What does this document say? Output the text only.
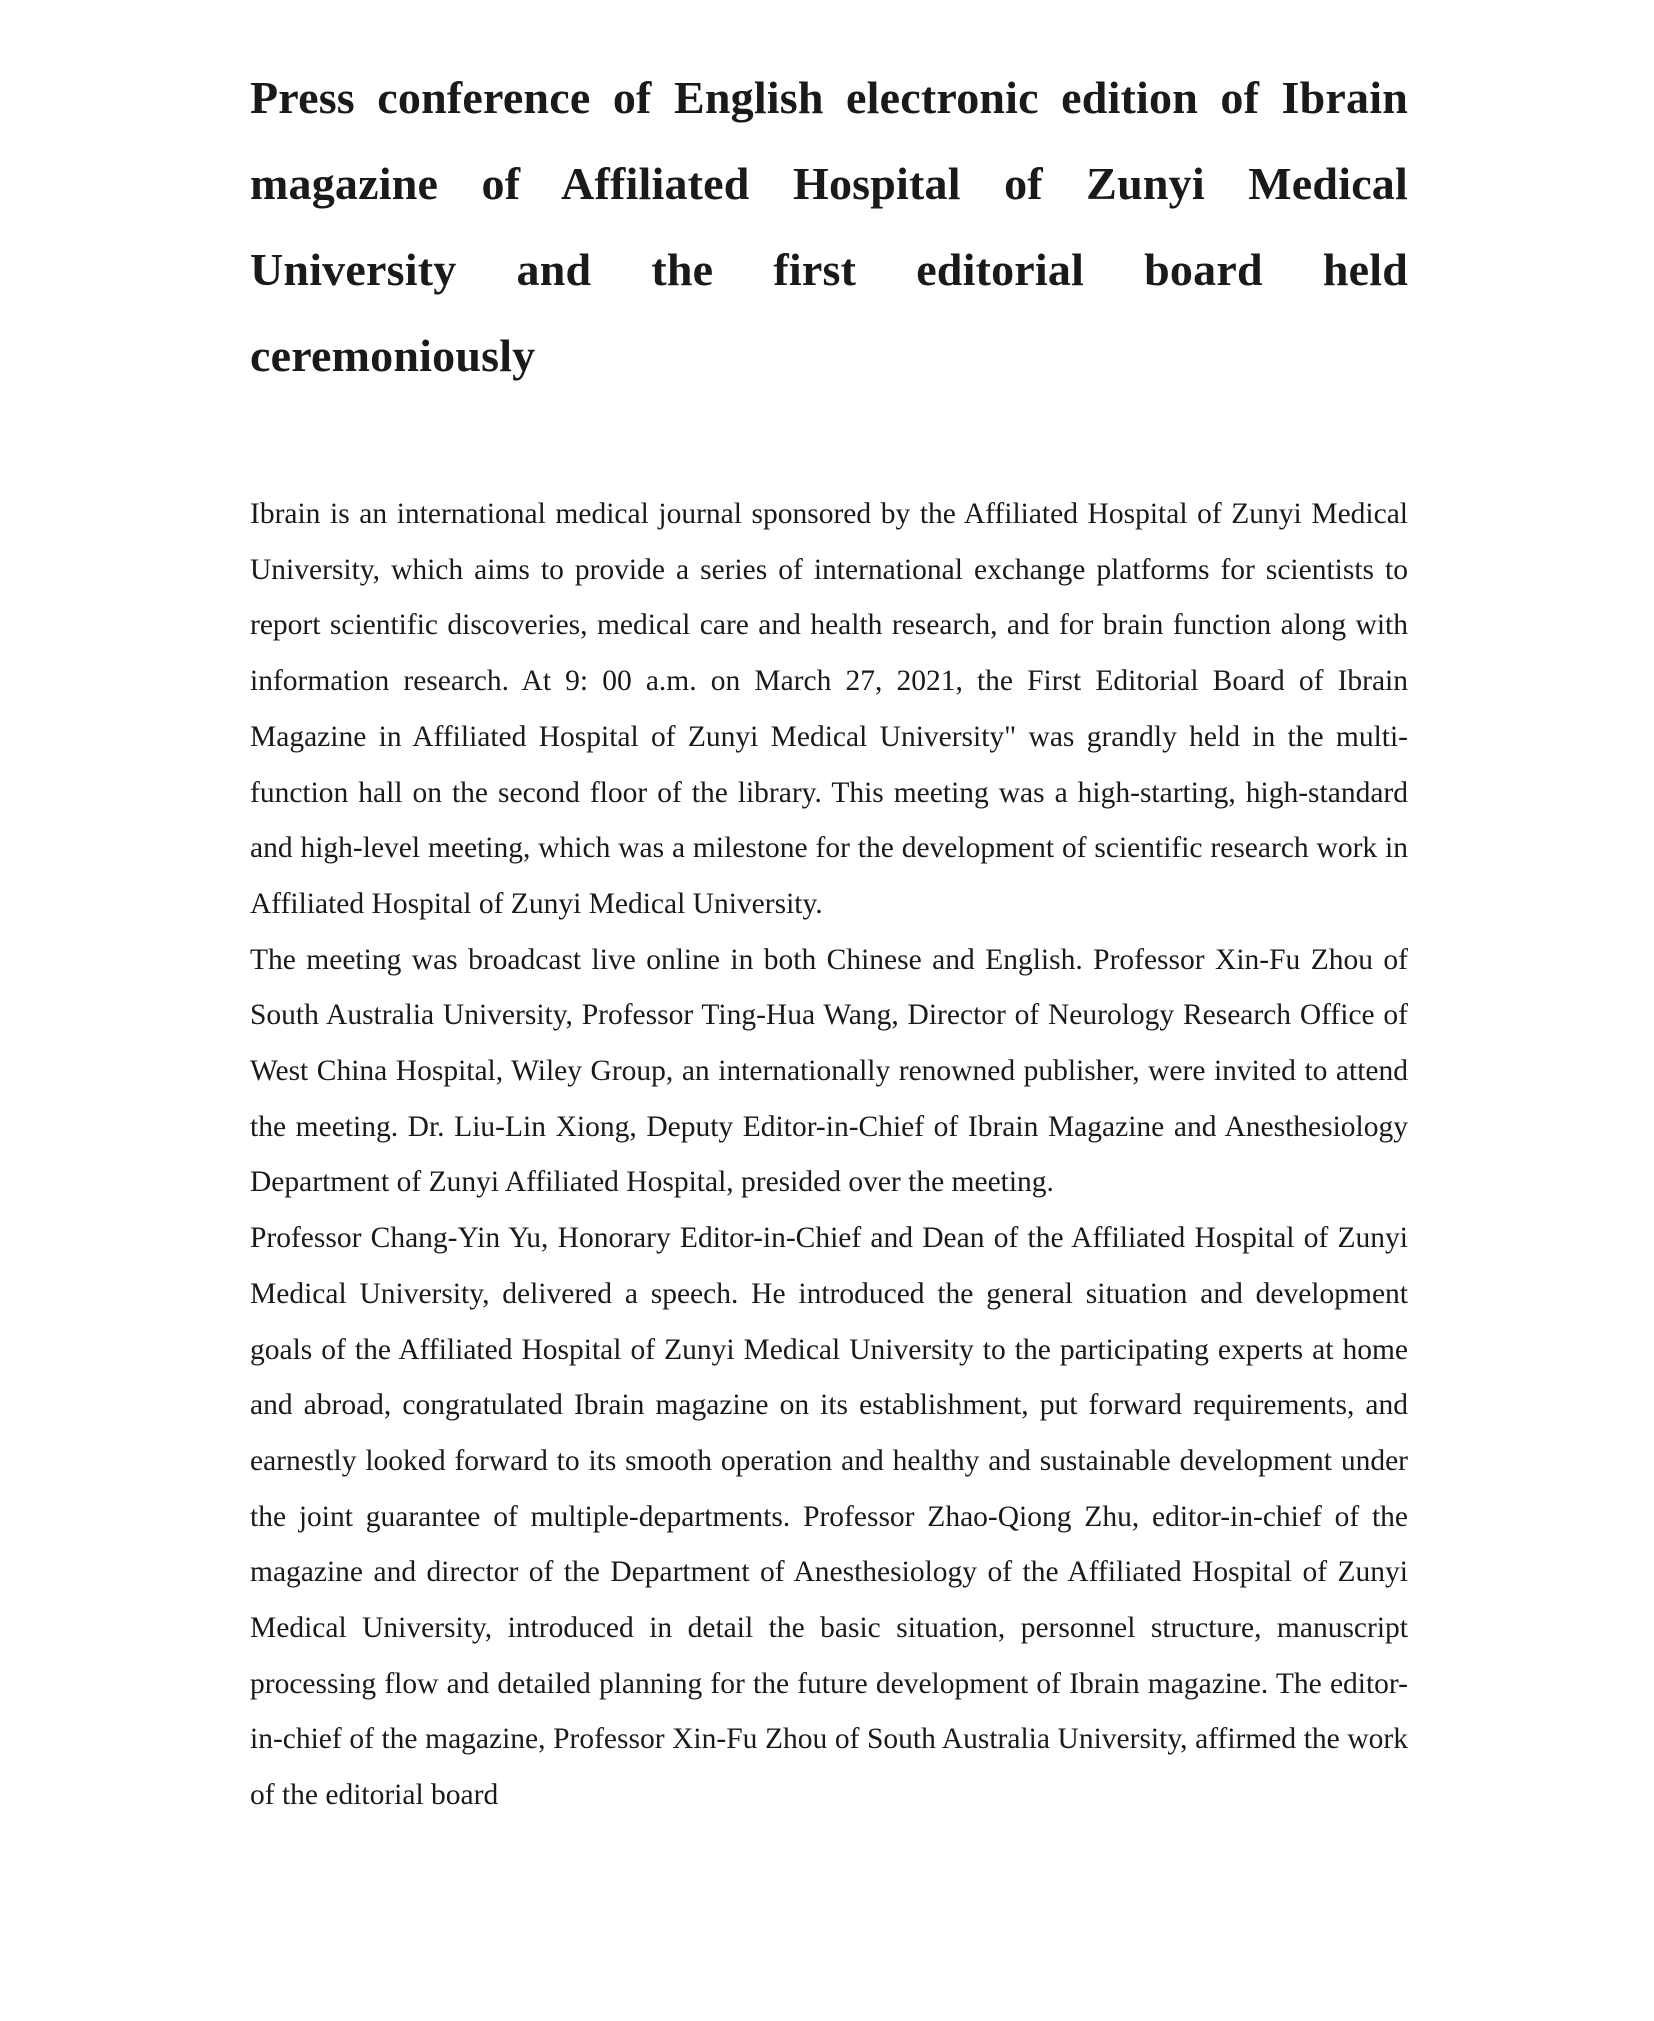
Press conference of English electronic edition of Ibrain magazine of Affiliated Hospital of Zunyi Medical University and the first editorial board held ceremoniously

Ibrain is an international medical journal sponsored by the Affiliated Hospital of Zunyi Medical University, which aims to provide a series of international exchange platforms for scientists to report scientific discoveries, medical care and health research, and for brain function along with information research. At 9: 00 a.m. on March 27, 2021, the First Editorial Board of Ibrain Magazine in Affiliated Hospital of Zunyi Medical University" was grandly held in the multi-function hall on the second floor of the library. This meeting was a high-starting, high-standard and high-level meeting, which was a milestone for the development of scientific research work in Affiliated Hospital of Zunyi Medical University.

The meeting was broadcast live online in both Chinese and English. Professor Xin-Fu Zhou of South Australia University, Professor Ting-Hua Wang, Director of Neurology Research Office of West China Hospital, Wiley Group, an internationally renowned publisher, were invited to attend the meeting. Dr. Liu-Lin Xiong, Deputy Editor-in-Chief of Ibrain Magazine and Anesthesiology Department of Zunyi Affiliated Hospital, presided over the meeting.

Professor Chang-Yin Yu, Honorary Editor-in-Chief and Dean of the Affiliated Hospital of Zunyi Medical University, delivered a speech. He introduced the general situation and development goals of the Affiliated Hospital of Zunyi Medical University to the participating experts at home and abroad, congratulated Ibrain magazine on its establishment, put forward requirements, and earnestly looked forward to its smooth operation and healthy and sustainable development under the joint guarantee of multiple-departments. Professor Zhao-Qiong Zhu, editor-in-chief of the magazine and director of the Department of Anesthesiology of the Affiliated Hospital of Zunyi Medical University, introduced in detail the basic situation, personnel structure, manuscript processing flow and detailed planning for the future development of Ibrain magazine. The editor-in-chief of the magazine, Professor Xin-Fu Zhou of South Australia University, affirmed the work of the editorial board
